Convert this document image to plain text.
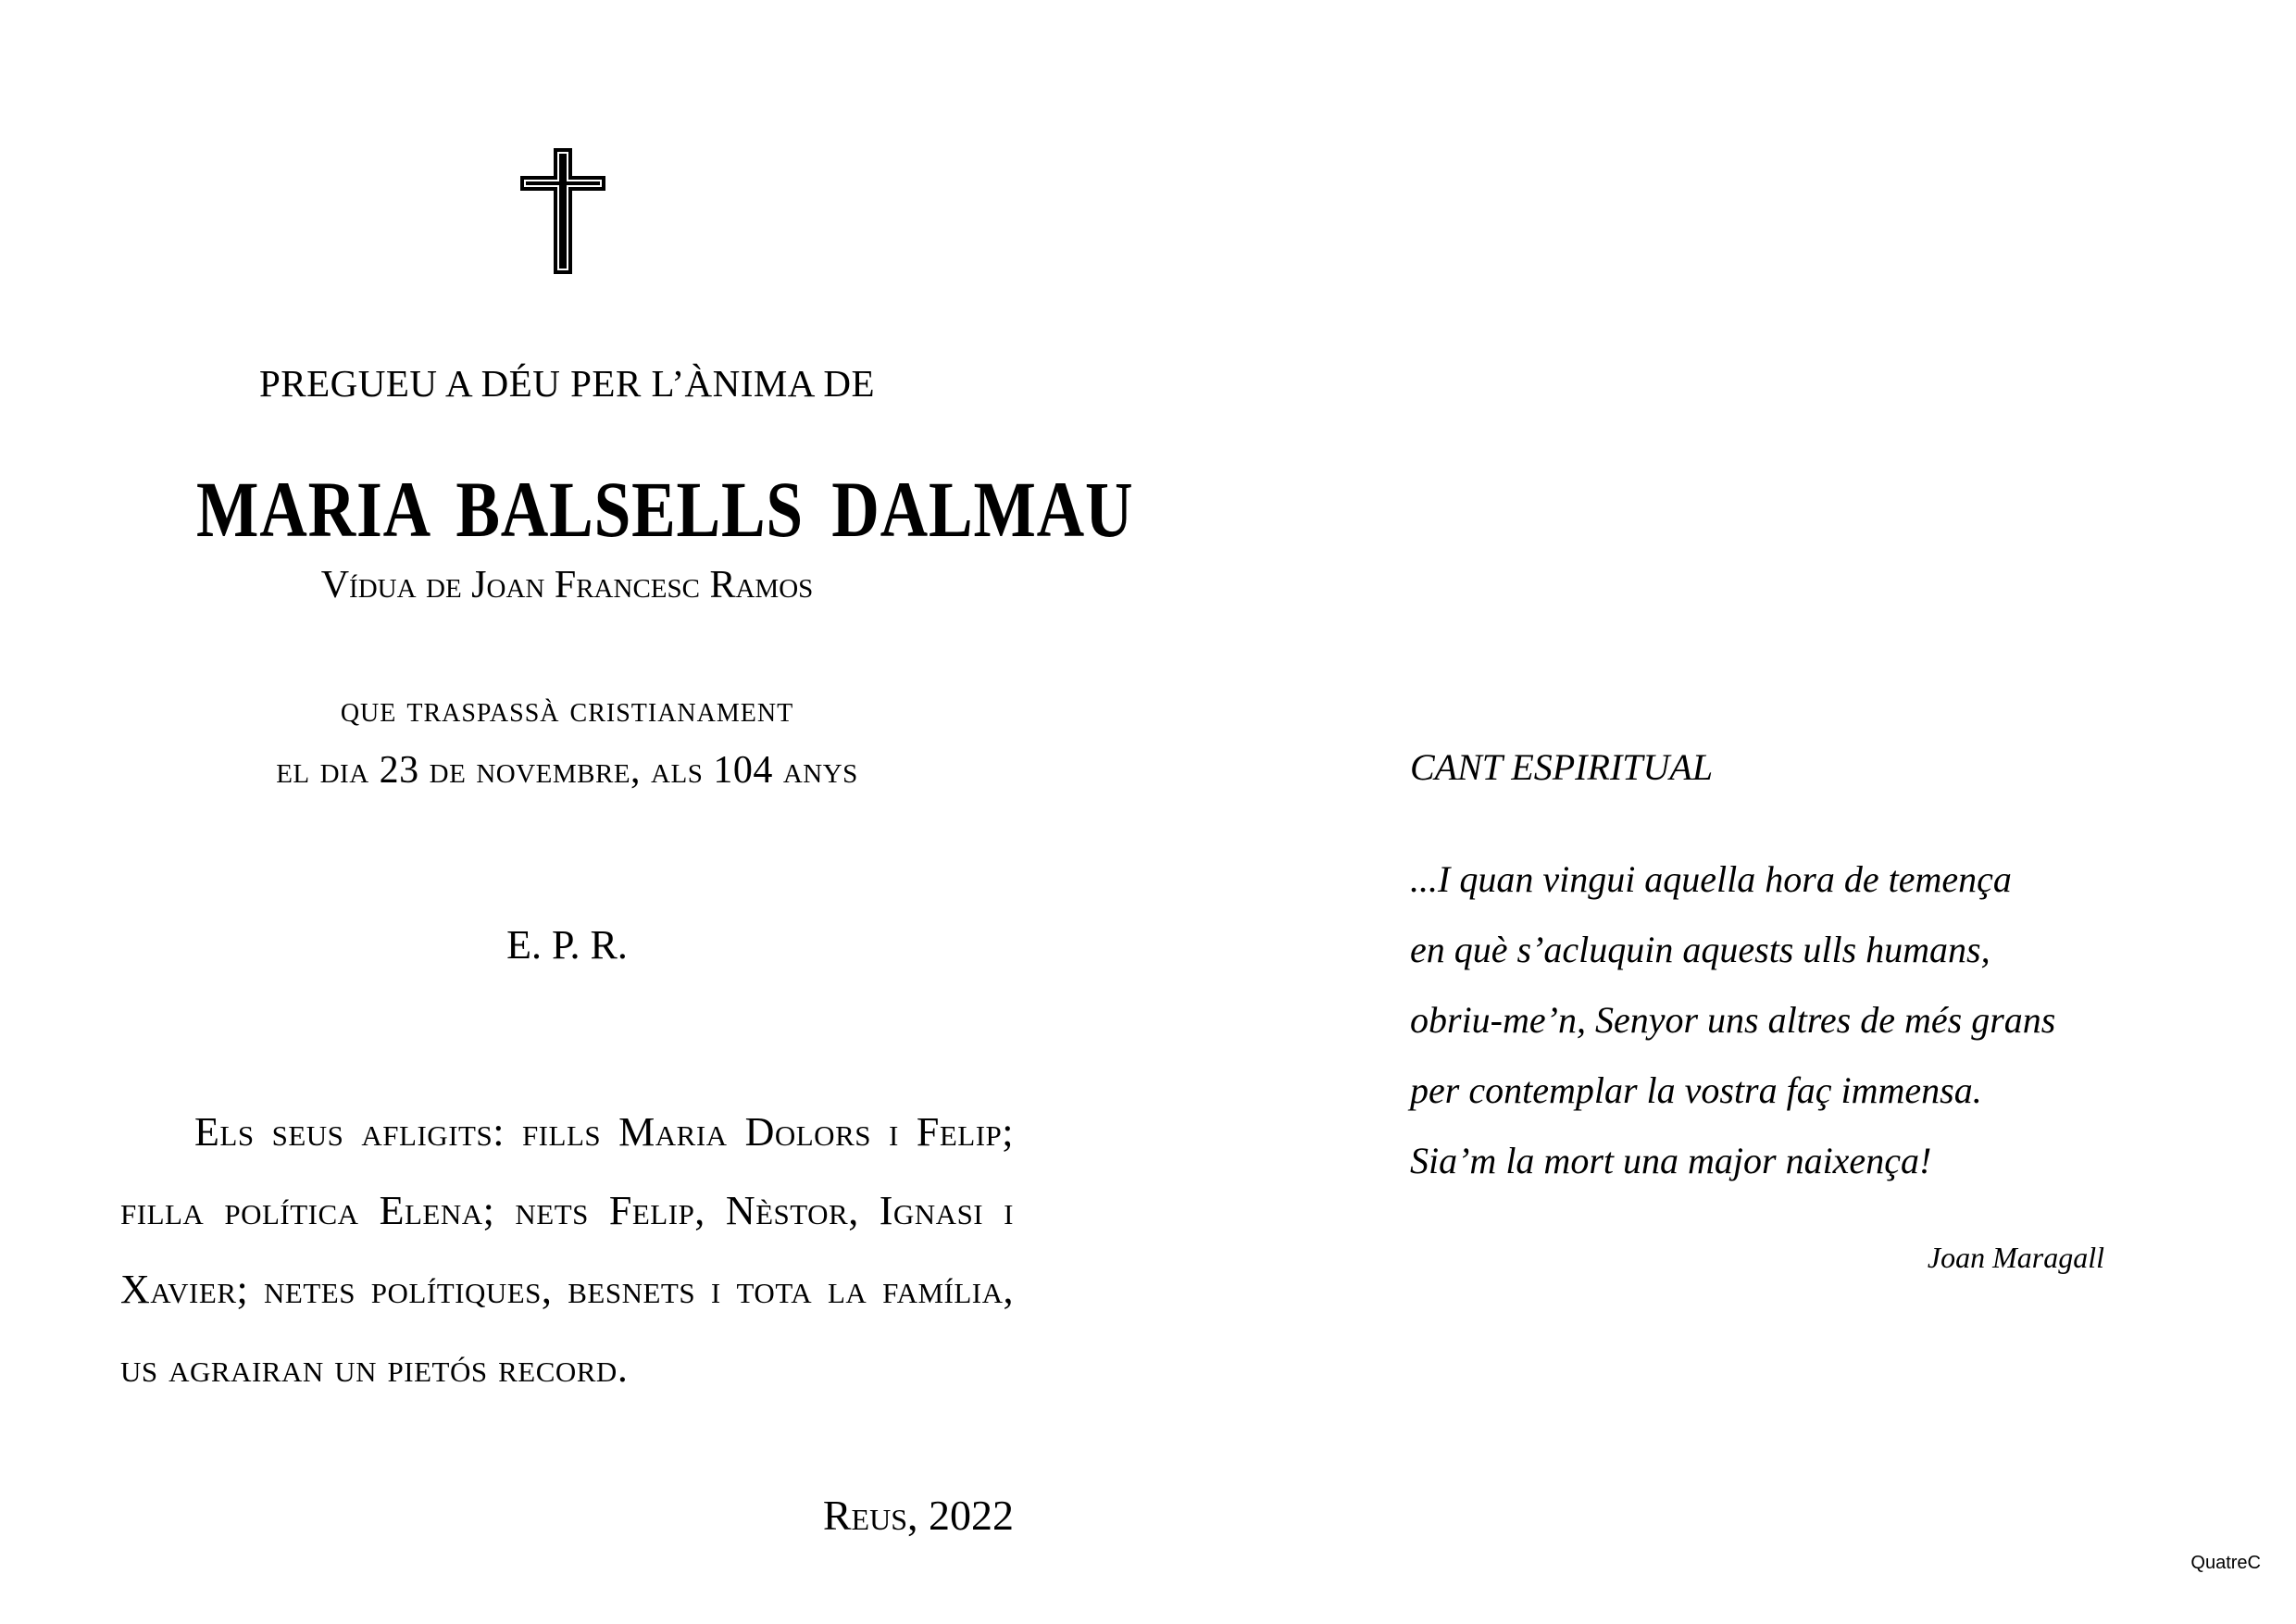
PREGUEU A DÉU PER L’ÀNIMA DE
MARIA BALSELLS DALMAU
Vídua de Joan Francesc Ramos
que traspassà cristianament
el dia 23 de novembre, als 104 anys
E. P. R.

Els seus afligits: fills Maria Dolors i Felip; filla política Elena; nets Felip, Nèstor, Ignasi i Xavier; netes polítiques, besnets i tota la família, us agrairan un pietós record.

Reus, 2022
CANT ESPIRITUAL
...I quan vingui aquella hora de temença
en què s’acluquin aquests ulls humans,
obriu-me’n, Senyor uns altres de més grans
per contemplar la vostra faç immensa.
Sia’m la mort una major naixença!
Joan Maragall
QuatreC
